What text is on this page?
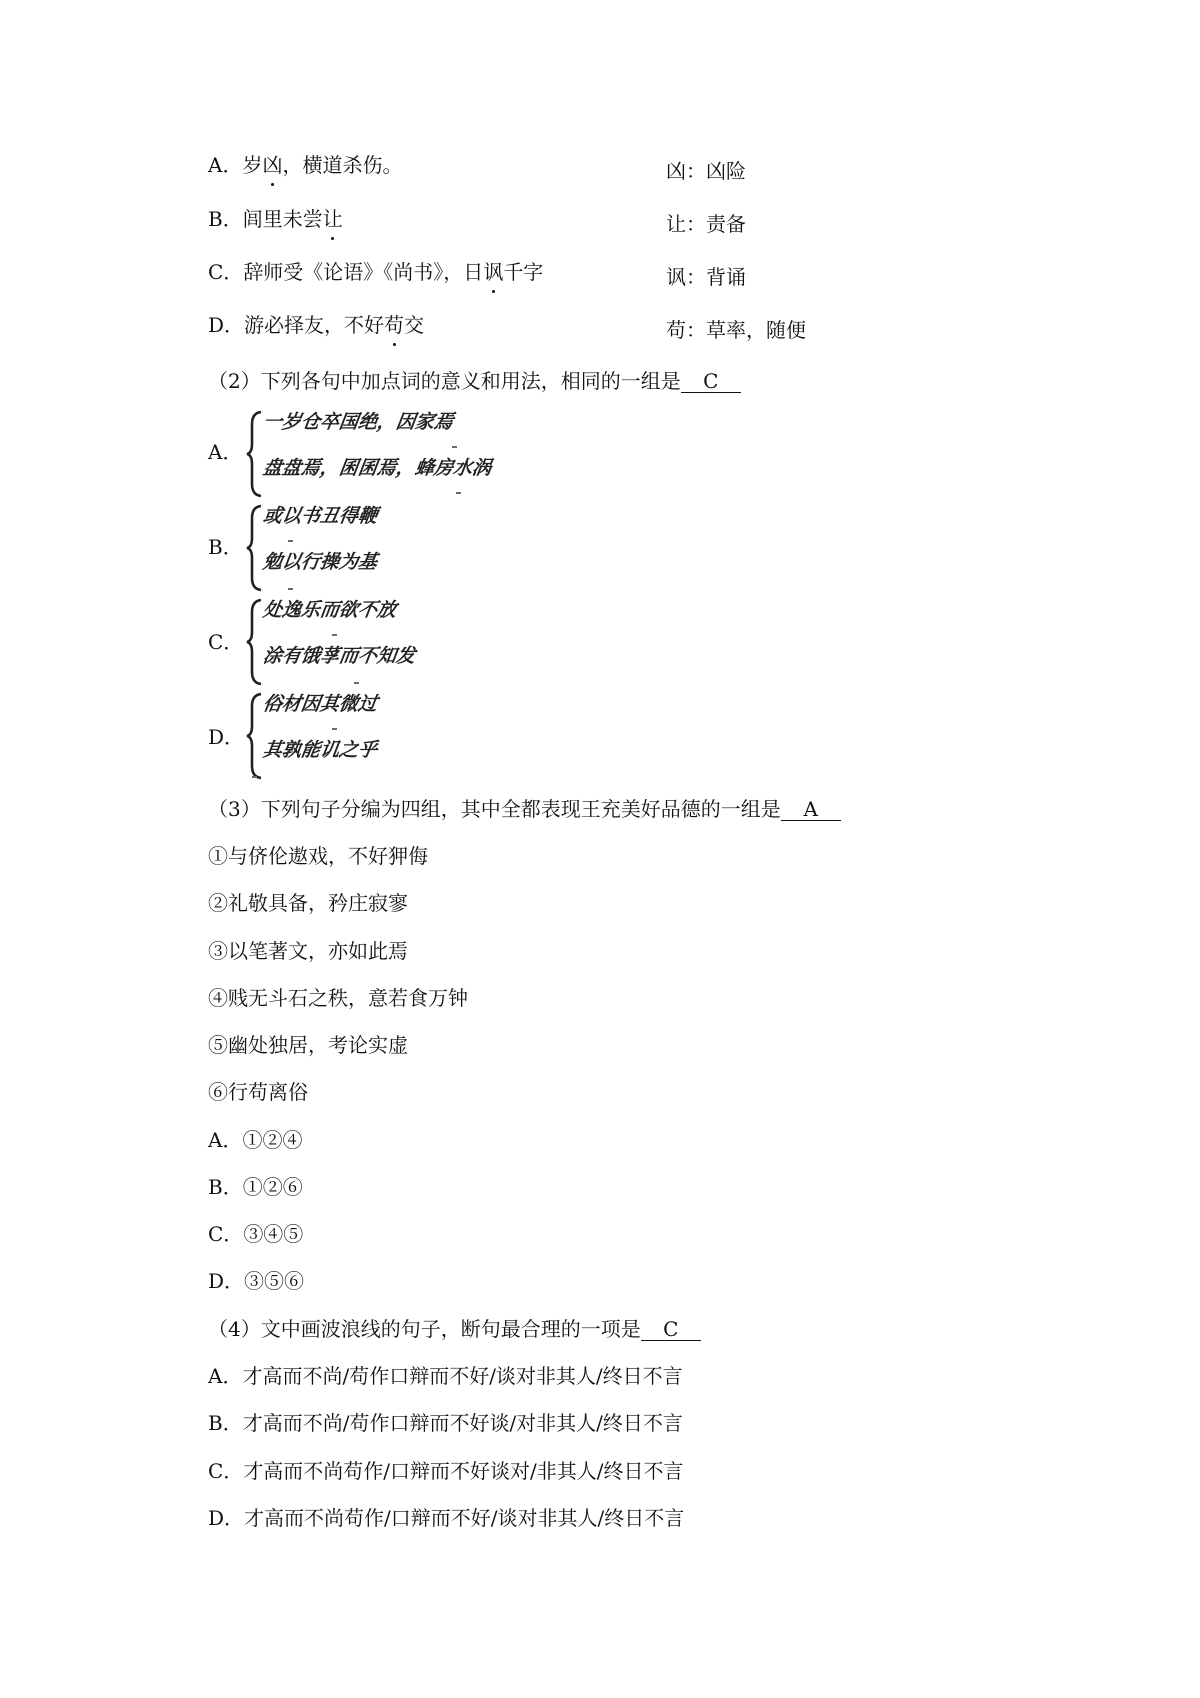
A．岁凶，横道杀伤。	凶：凶险
B．闾里未尝让	让：责备
C．辞师受《论语》《尚书》，日讽千字	讽：背诵
D．游必择友，不好苟交	苟：草率，随便
（2）下列各句中加点词的意义和用法，相同的一组是 C
A．
一岁仓卒国绝，因家焉
盘盘焉，囷囷焉，蜂房水涡
B．
或以书丑得鞭
勉以行操为基
C．
处逸乐而欲不放
涂有饿莩而不知发
D．
俗材因其微过
其孰能讥之乎
（3）下列句子分编为四组，其中全都表现王充美好品德的一组是 A
①与侪伦遨戏，不好狎侮
②礼敬具备，矜庄寂寥
③以笔著文，亦如此焉
④贱无斗石之秩，意若食万钟
⑤幽处独居，考论实虚
⑥行苟离俗
A．①②④
B．①②⑥
C．③④⑤
D．③⑤⑥
（4）文中画波浪线的句子，断句最合理的一项是 C
A．才高而不尚/苟作口辩而不好/谈对非其人/终日不言
B．才高而不尚/苟作口辩而不好谈/对非其人/终日不言
C．才高而不尚苟作/口辩而不好谈对/非其人/终日不言
D．才高而不尚苟作/口辩而不好/谈对非其人/终日不言
